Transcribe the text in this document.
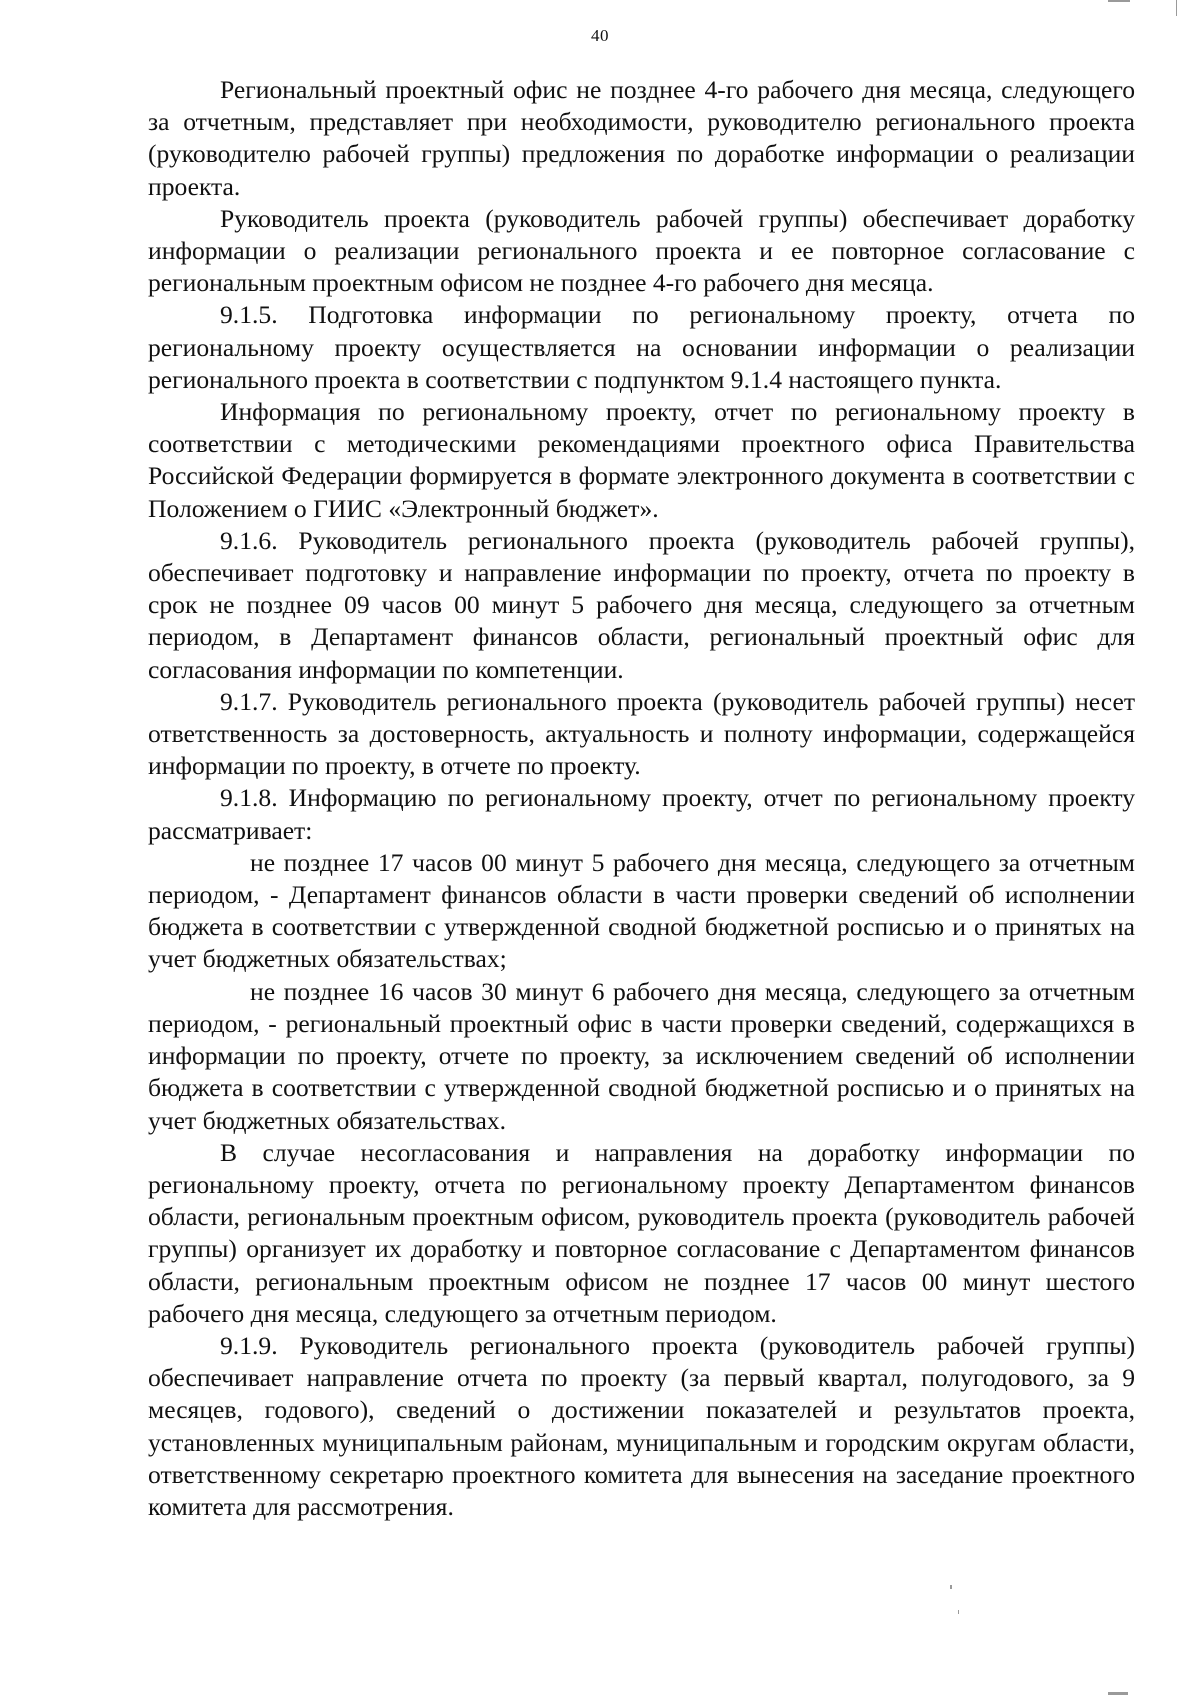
40

Региональный проектный офис не позднее 4-го рабочего дня месяца, следующего за отчетным, представляет при необходимости, руководителю регионального проекта (руководителю рабочей группы) предложения по доработке информации о реализации проекта.

Руководитель проекта (руководитель рабочей группы) обеспечивает доработку информации о реализации регионального проекта и ее повторное согласование с региональным проектным офисом не позднее 4-го рабочего дня месяца.

9.1.5. Подготовка информации по региональному проекту, отчета по региональному проекту осуществляется на основании информации о реализации регионального проекта в соответствии с подпунктом 9.1.4 настоящего пункта.

Информация по региональному проекту, отчет по региональному проекту в соответствии с методическими рекомендациями проектного офиса Правительства Российской Федерации формируется в формате электронного документа в соответствии с Положением о ГИИС «Электронный бюджет».

9.1.6. Руководитель регионального проекта (руководитель рабочей группы), обеспечивает подготовку и направление информации по проекту, отчета по проекту в срок не позднее 09 часов 00 минут 5 рабочего дня месяца, следующего за отчетным периодом, в Департамент финансов области, региональный проектный офис для согласования информации по компетенции.

9.1.7. Руководитель регионального проекта (руководитель рабочей группы) несет ответственность за достоверность, актуальность и полноту информации, содержащейся информации по проекту, в отчете по проекту.

9.1.8. Информацию по региональному проекту, отчет по региональному проекту рассматривает:

не позднее 17 часов 00 минут 5 рабочего дня месяца, следующего за отчетным периодом, - Департамент финансов области в части проверки сведений об исполнении бюджета в соответствии с утвержденной сводной бюджетной росписью и о принятых на учет бюджетных обязательствах;

не позднее 16 часов 30 минут 6 рабочего дня месяца, следующего за отчетным периодом, - региональный проектный офис в части проверки сведений, содержащихся в информации по проекту, отчете по проекту, за исключением сведений об исполнении бюджета в соответствии с утвержденной сводной бюджетной росписью и о принятых на учет бюджетных обязательствах.

В случае несогласования и направления на доработку информации по региональному проекту, отчета по региональному проекту Департаментом финансов области, региональным проектным офисом, руководитель проекта (руководитель рабочей группы) организует их доработку и повторное согласование с Департаментом финансов области, региональным проектным офисом не позднее 17 часов 00 минут шестого рабочего дня месяца, следующего за отчетным периодом.

9.1.9. Руководитель регионального проекта (руководитель рабочей группы) обеспечивает направление отчета по проекту (за первый квартал, полугодового, за 9 месяцев, годового), сведений о достижении показателей и результатов проекта, установленных муниципальным районам, муниципальным и городским округам области, ответственному секретарю проектного комитета для вынесения на заседание проектного комитета для рассмотрения.
